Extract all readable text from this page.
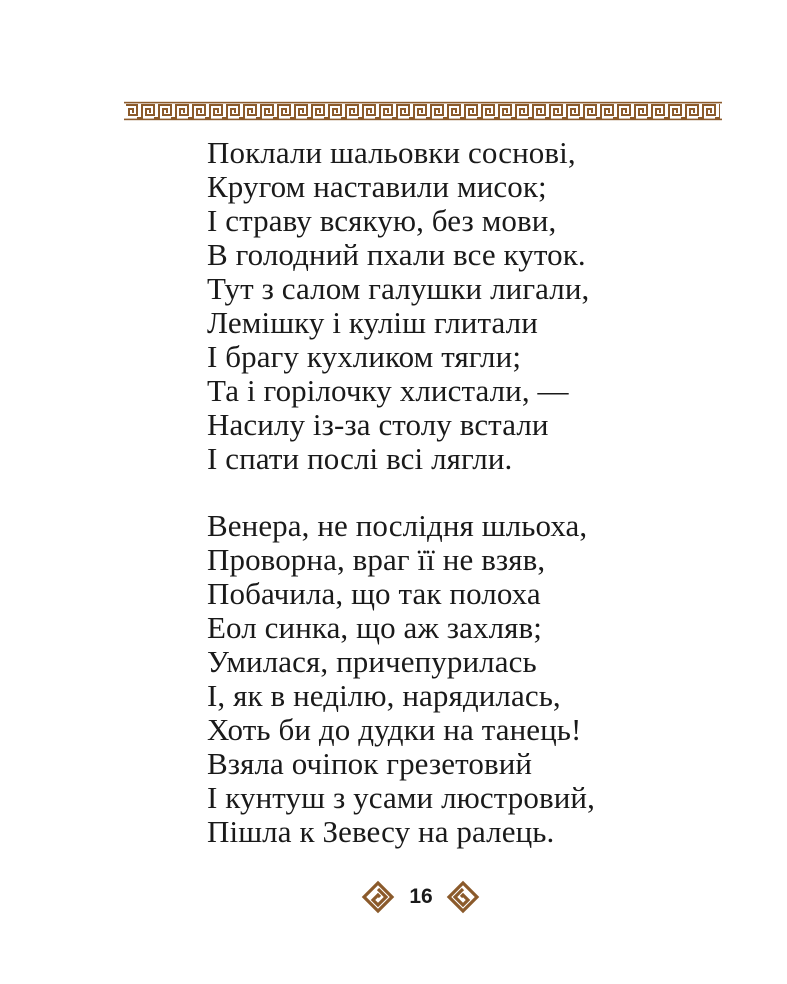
Поклали шальовки соснові,
Кругом наставили мисок;
І страву всякую, без мови,
В голодний пхали все куток.
Тут з салом галушки лигали,
Лемішку і куліш глитали
І брагу кухликом тягли;
Та і горілочку хлистали, —
Насилу із-за столу встали
І спати послі всі лягли.
Венера, не послідня шльоха,
Проворна, враг її не взяв,
Побачила, що так полоха
Еол синка, що аж захляв;
Умилася, причепурилась
І, як в неділю, нарядилась,
Хоть би до дудки на танець!
Взяла очіпок грезетовий
І кунтуш з усами люстровий,
Пішла к Зевесу на ралець.
16
